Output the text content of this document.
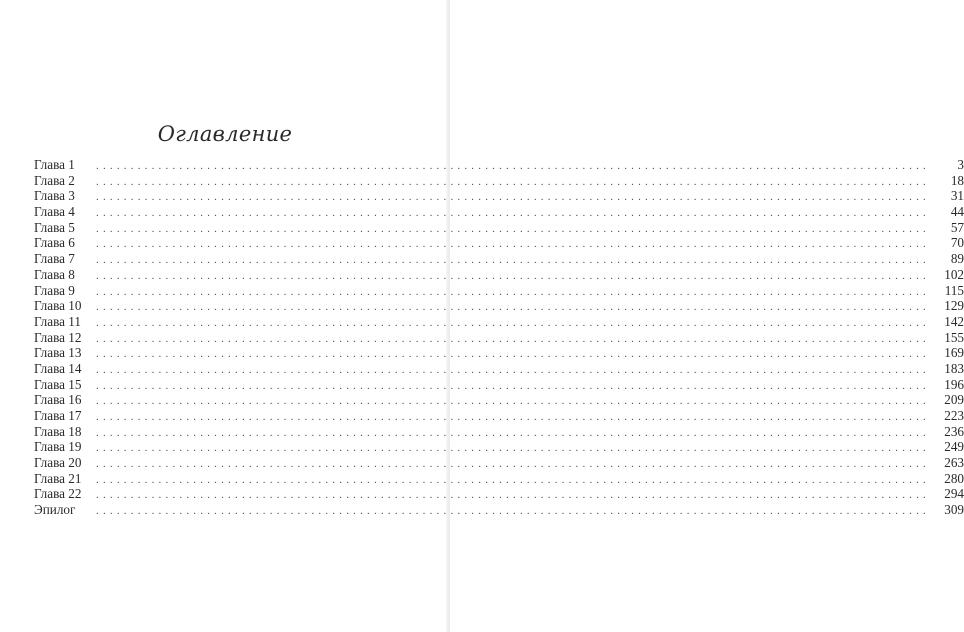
Оглавление
Глава 1	........................................................................................................................	3
Глава 2	........................................................................................................................	18
Глава 3	........................................................................................................................	31
Глава 4	........................................................................................................................	44
Глава 5	........................................................................................................................	57
Глава 6	........................................................................................................................	70
Глава 7	........................................................................................................................	89
Глава 8	........................................................................................................................	102
Глава 9	........................................................................................................................	115
Глава 10	........................................................................................................................	129
Глава 11	........................................................................................................................	142
Глава 12	........................................................................................................................	155
Глава 13	........................................................................................................................	169
Глава 14	........................................................................................................................	183
Глава 15	........................................................................................................................	196
Глава 16	........................................................................................................................	209
Глава 17	........................................................................................................................	223
Глава 18	........................................................................................................................	236
Глава 19	........................................................................................................................	249
Глава 20	........................................................................................................................	263
Глава 21	........................................................................................................................	280
Глава 22	........................................................................................................................	294
Эпилог	........................................................................................................................	309
